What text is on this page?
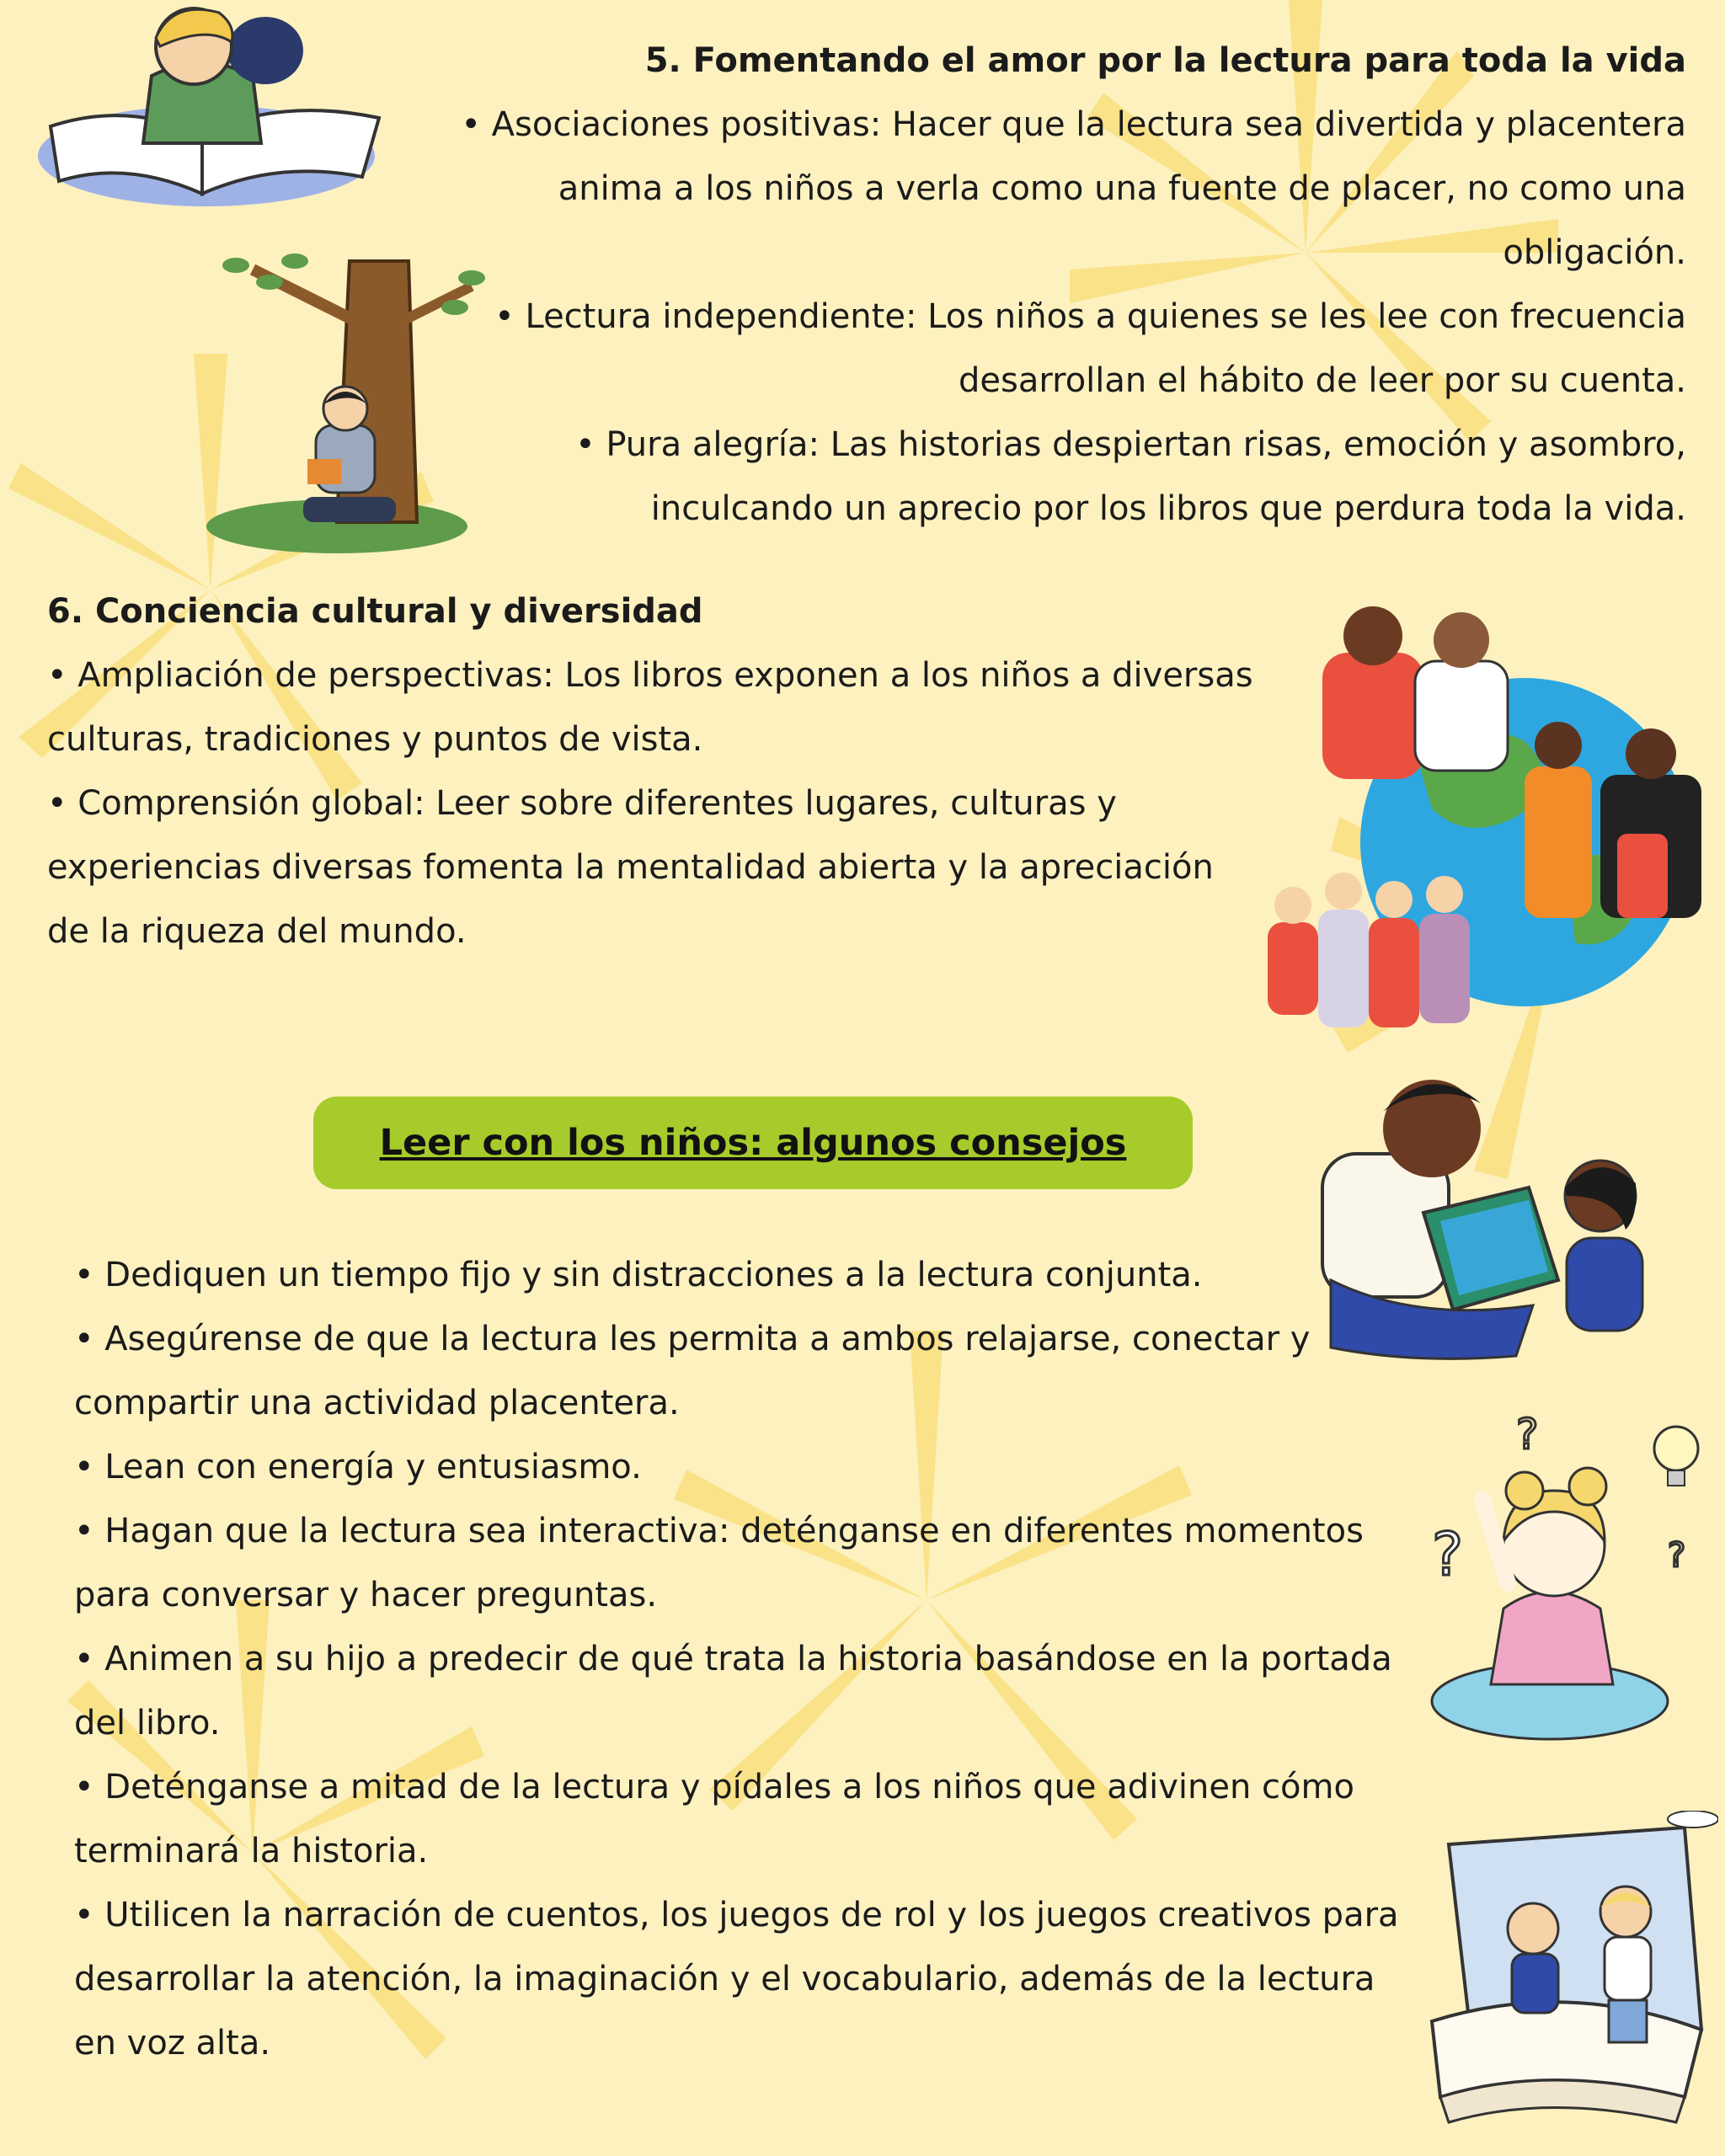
?
?	?

5. Fomentando el amor por la lectura para toda la vida

• Asociaciones positivas: Hacer que la lectura sea divertida y placentera

anima a los niños a verla como una fuente de placer, no como una

obligación.

• Lectura independiente: Los niños a quienes se les lee con frecuencia

desarrollan el hábito de leer por su cuenta.

• Pura alegría: Las historias despiertan risas, emoción y asombro,

inculcando un aprecio por los libros que perdura toda la vida.

6. Conciencia cultural y diversidad

• Ampliación de perspectivas: Los libros exponen a los niños a diversas

culturas, tradiciones y puntos de vista.

• Comprensión global: Leer sobre diferentes lugares, culturas y

experiencias diversas fomenta la mentalidad abierta y la apreciación

de la riqueza del mundo.

Leer con los niños: algunos consejos

• Dediquen un tiempo fijo y sin distracciones a la lectura conjunta.

• Asegúrense de que la lectura les permita a ambos relajarse, conectar y

compartir una actividad placentera.

• Lean con energía y entusiasmo.

• Hagan que la lectura sea interactiva: deténganse en diferentes momentos

para conversar y hacer preguntas.

• Animen a su hijo a predecir de qué trata la historia basándose en la portada

del libro.

• Deténganse a mitad de la lectura y pídales a los niños que adivinen cómo

terminará la historia.

• Utilicen la narración de cuentos, los juegos de rol y los juegos creativos para

desarrollar la atención, la imaginación y el vocabulario, además de la lectura

en voz alta.
